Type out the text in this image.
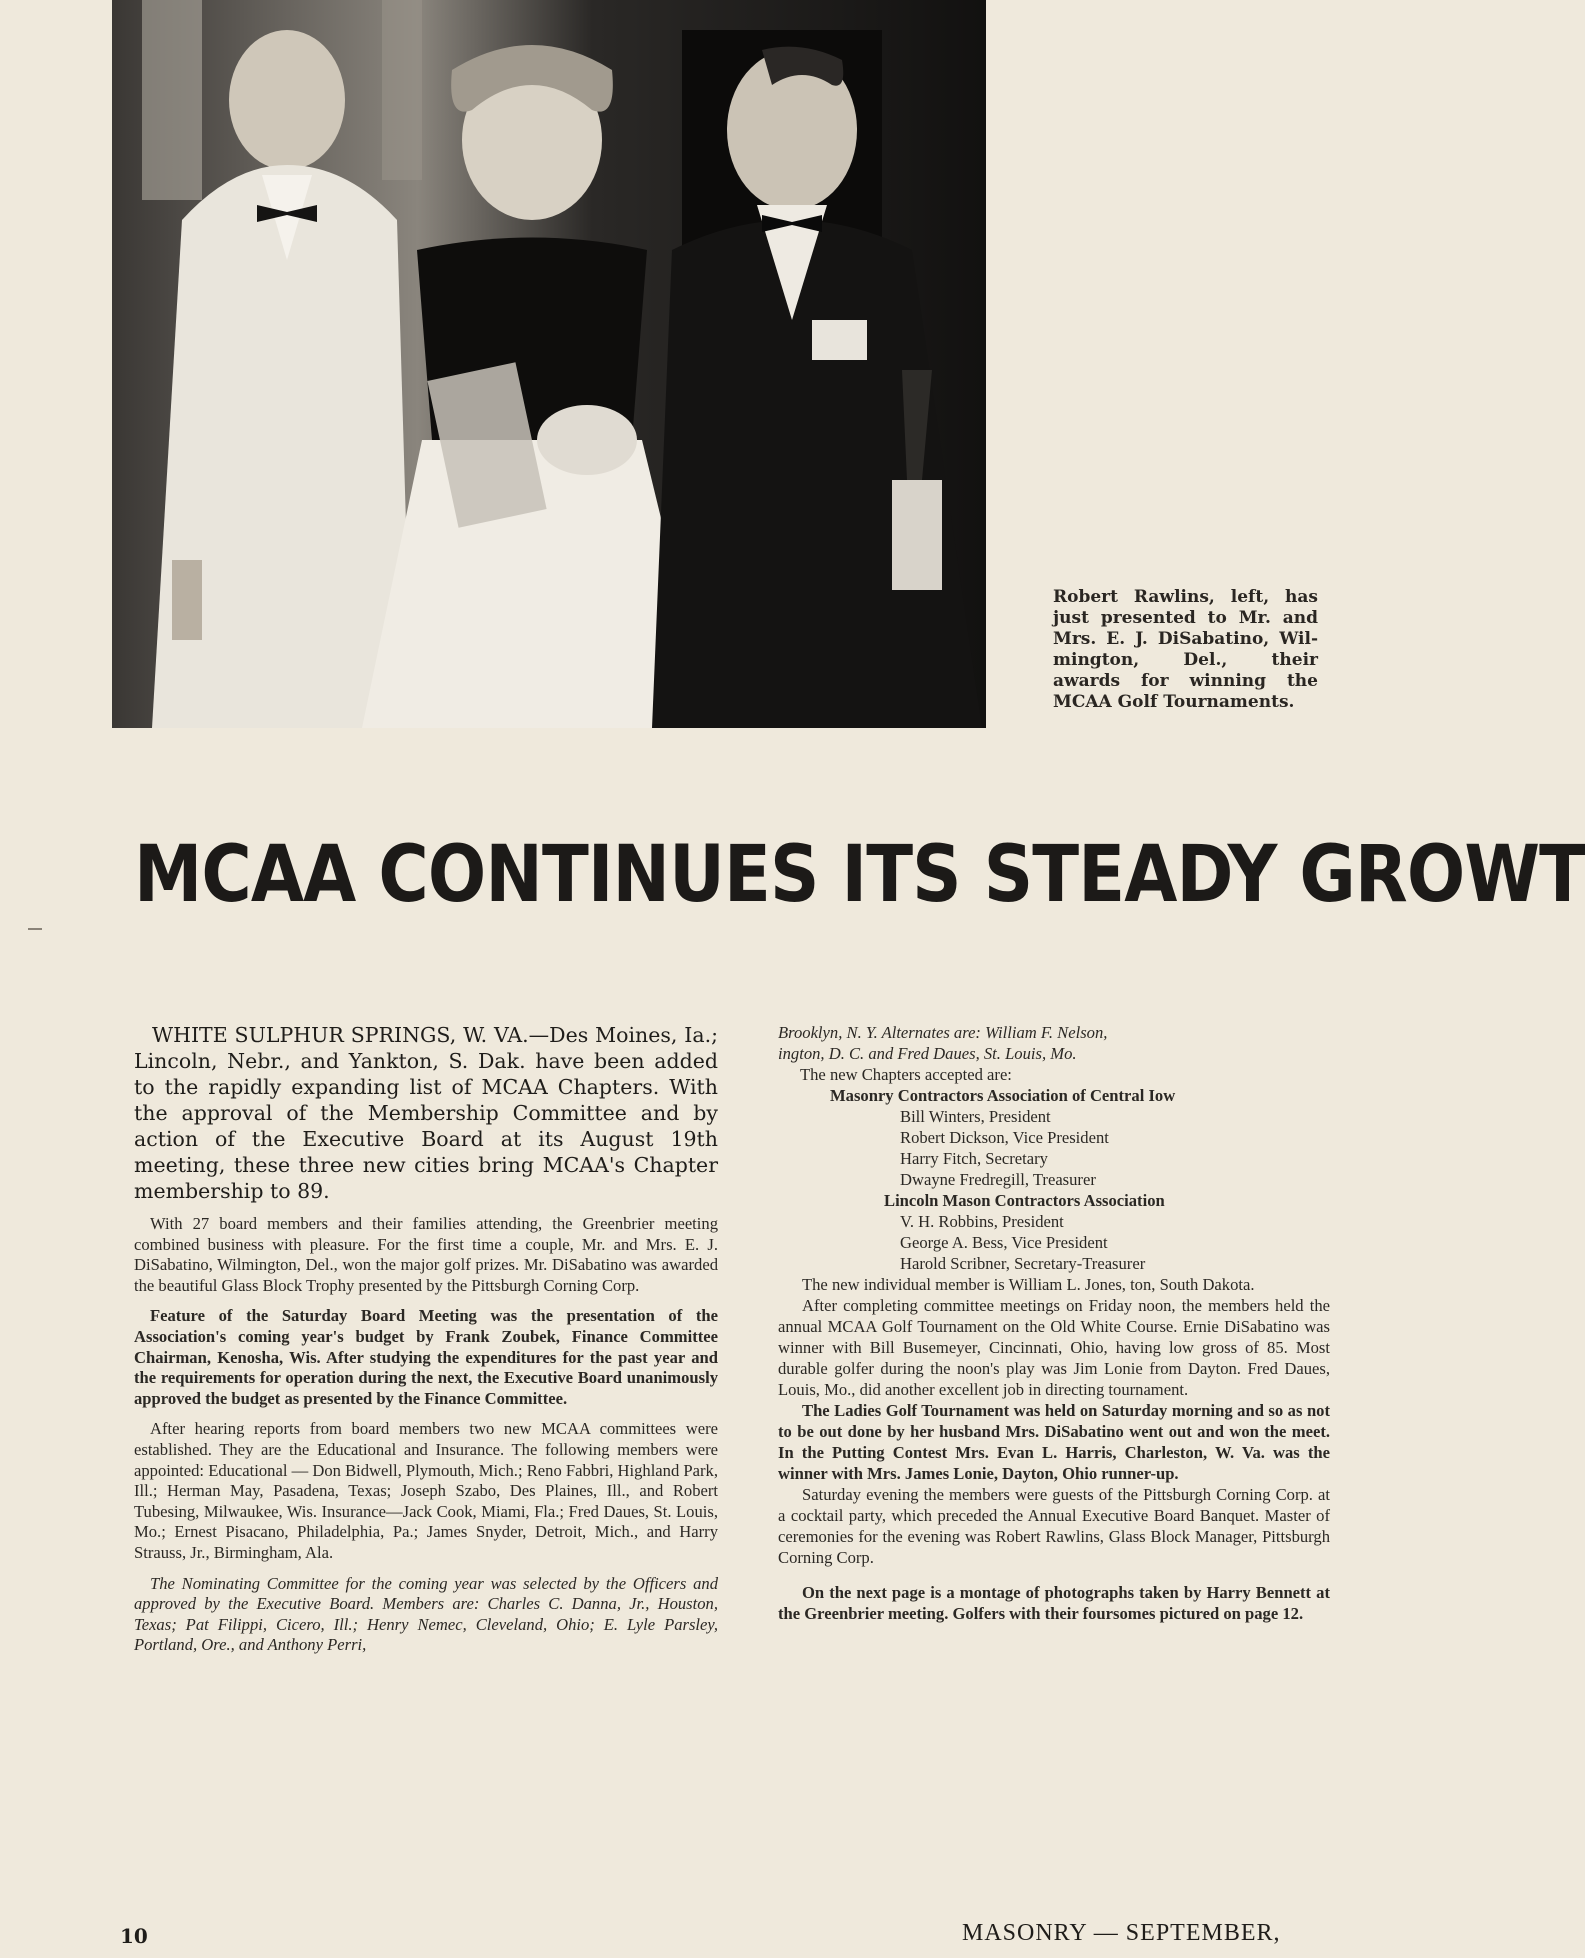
Robert Rawlins, left, has
just presented to Mr. and
Mrs. E. J. DiSabatino, Wil-
mington, Del., their
awards for winning the
MCAA Golf Tournaments.
MCAA CONTINUES ITS STEADY GROWT

WHITE SULPHUR SPRINGS, W. VA.—Des Moines, Ia.; Lincoln, Nebr., and Yankton, S. Dak. have been added to the rapidly expanding list of MCAA Chapters. With the approval of the Membership Committee and by action of the Executive Board at its August 19th meeting, these three new cities bring MCAA's Chapter membership to 89.

With 27 board members and their families attending, the Greenbrier meeting combined business with pleasure. For the first time a couple, Mr. and Mrs. E. J. DiSabatino, Wilmington, Del., won the major golf prizes. Mr. DiSabatino was awarded the beautiful Glass Block Trophy presented by the Pittsburgh Corning Corp.

Feature of the Saturday Board Meeting was the presentation of the Association's coming year's budget by Frank Zoubek, Finance Committee Chairman, Kenosha, Wis. After studying the expenditures for the past year and the requirements for operation during the next, the Executive Board unanimously approved the budget as presented by the Finance Committee.

After hearing reports from board members two new MCAA committees were established. They are the Educational and Insurance. The following members were appointed: Educational — Don Bidwell, Plymouth, Mich.; Reno Fabbri, Highland Park, Ill.; Herman May, Pasadena, Texas; Joseph Szabo, Des Plaines, Ill., and Robert Tubesing, Milwaukee, Wis. Insurance—Jack Cook, Miami, Fla.; Fred Daues, St. Louis, Mo.; Ernest Pisacano, Philadelphia, Pa.; James Snyder, Detroit, Mich., and Harry Strauss, Jr., Birmingham, Ala.

The Nominating Committee for the coming year was selected by the Officers and approved by the Executive Board. Members are: Charles C. Danna, Jr., Houston, Texas; Pat Filippi, Cicero, Ill.; Henry Nemec, Cleveland, Ohio; E. Lyle Parsley, Portland, Ore., and Anthony Perri,

Brooklyn, N. Y. Alternates are: William F. Nelson,

ington, D. C. and Fred Daues, St. Louis, Mo.

The new Chapters accepted are:

Masonry Contractors Association of Central Iow

Bill Winters, President

Robert Dickson, Vice President

Harry Fitch, Secretary

Dwayne Fredregill, Treasurer

Lincoln Mason Contractors Association

V. H. Robbins, President

George A. Bess, Vice President

Harold Scribner, Secretary-Treasurer

The new individual member is William L. Jones, ton, South Dakota.

After completing committee meetings on Friday noon, the members held the annual MCAA Golf Tournament on the Old White Course. Ernie DiSabatino was winner with Bill Busemeyer, Cincinnati, Ohio, having low gross of 85. Most durable golfer during the noon's play was Jim Lonie from Dayton. Fred Daues, Louis, Mo., did another excellent job in directing tournament.

The Ladies Golf Tournament was held on Saturday morning and so as not to be out done by her husband Mrs. DiSabatino went out and won the meet. In the Putting Contest Mrs. Evan L. Harris, Charleston, W. Va. was the winner with Mrs. James Lonie, Dayton, Ohio runner-up.

Saturday evening the members were guests of the Pittsburgh Corning Corp. at a cocktail party, which preceded the Annual Executive Board Banquet. Master of ceremonies for the evening was Robert Rawlins, Glass Block Manager, Pittsburgh Corning Corp.

On the next page is a montage of photographs taken by Harry Bennett at the Greenbrier meeting. Golfers with their foursomes pictured on page 12.

10	MASONRY — SEPTEMBER,
